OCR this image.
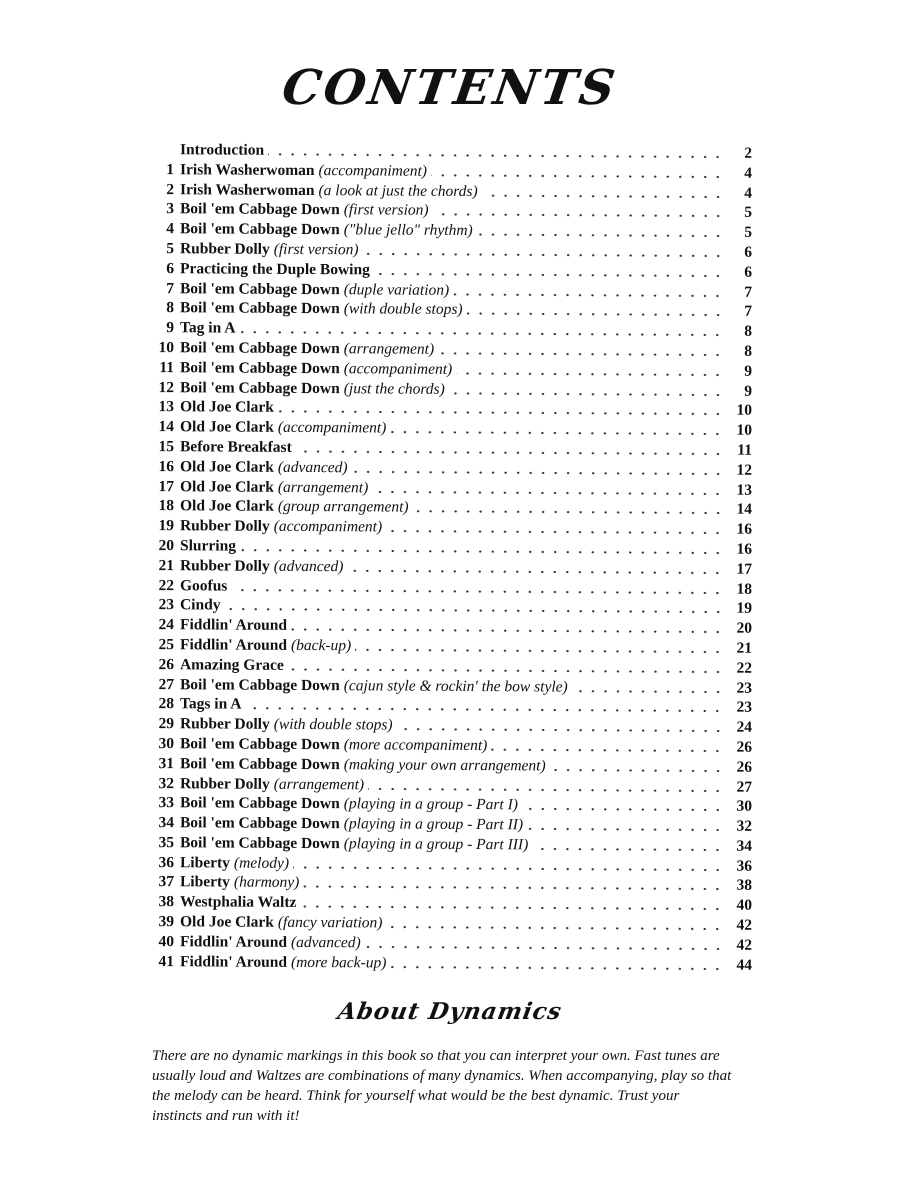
CONTENTS
Introduction	2
1 Irish Washerwoman (accompaniment)	4
2 Irish Washerwoman (a look at just the chords)	4
3 Boil 'em Cabbage Down (first version)	5
4 Boil 'em Cabbage Down ("blue jello" rhythm)	5
5 Rubber Dolly (first version)	6
6 Practicing the Duple Bowing	6
7 Boil 'em Cabbage Down (duple variation)	7
8 Boil 'em Cabbage Down (with double stops)	7
9 Tag in A	8
10 Boil 'em Cabbage Down (arrangement)	8
11 Boil 'em Cabbage Down (accompaniment)	9
12 Boil 'em Cabbage Down (just the chords)	9
13 Old Joe Clark	10
14 Old Joe Clark (accompaniment)	10
15 Before Breakfast	11
16 Old Joe Clark (advanced)	12
17 Old Joe Clark (arrangement)	13
18 Old Joe Clark (group arrangement)	14
19 Rubber Dolly (accompaniment)	16
20 Slurring	16
21 Rubber Dolly (advanced)	17
22 Goofus	18
23 Cindy	19
24 Fiddlin' Around	20
25 Fiddlin' Around (back-up)	21
26 Amazing Grace	22
27 Boil 'em Cabbage Down (cajun style & rockin' the bow style)	23
28 Tags in A	23
29 Rubber Dolly (with double stops)	24
30 Boil 'em Cabbage Down (more accompaniment)	26
31 Boil 'em Cabbage Down (making your own arrangement)	26
32 Rubber Dolly (arrangement)	27
33 Boil 'em Cabbage Down (playing in a group - Part I)	30
34 Boil 'em Cabbage Down (playing in a group - Part II)	32
35 Boil 'em Cabbage Down (playing in a group - Part III)	34
36 Liberty (melody)	36
37 Liberty (harmony)	38
38 Westphalia Waltz	40
39 Old Joe Clark (fancy variation)	42
40 Fiddlin' Around (advanced)	42
41 Fiddlin' Around (more back-up)	44
About Dynamics
There are no dynamic markings in this book so that you can interpret your own. Fast tunes are usually loud and Waltzes are combinations of many dynamics. When accompanying, play so that the melody can be heard. Think for yourself what would be the best dynamic. Trust your instincts and run with it!
